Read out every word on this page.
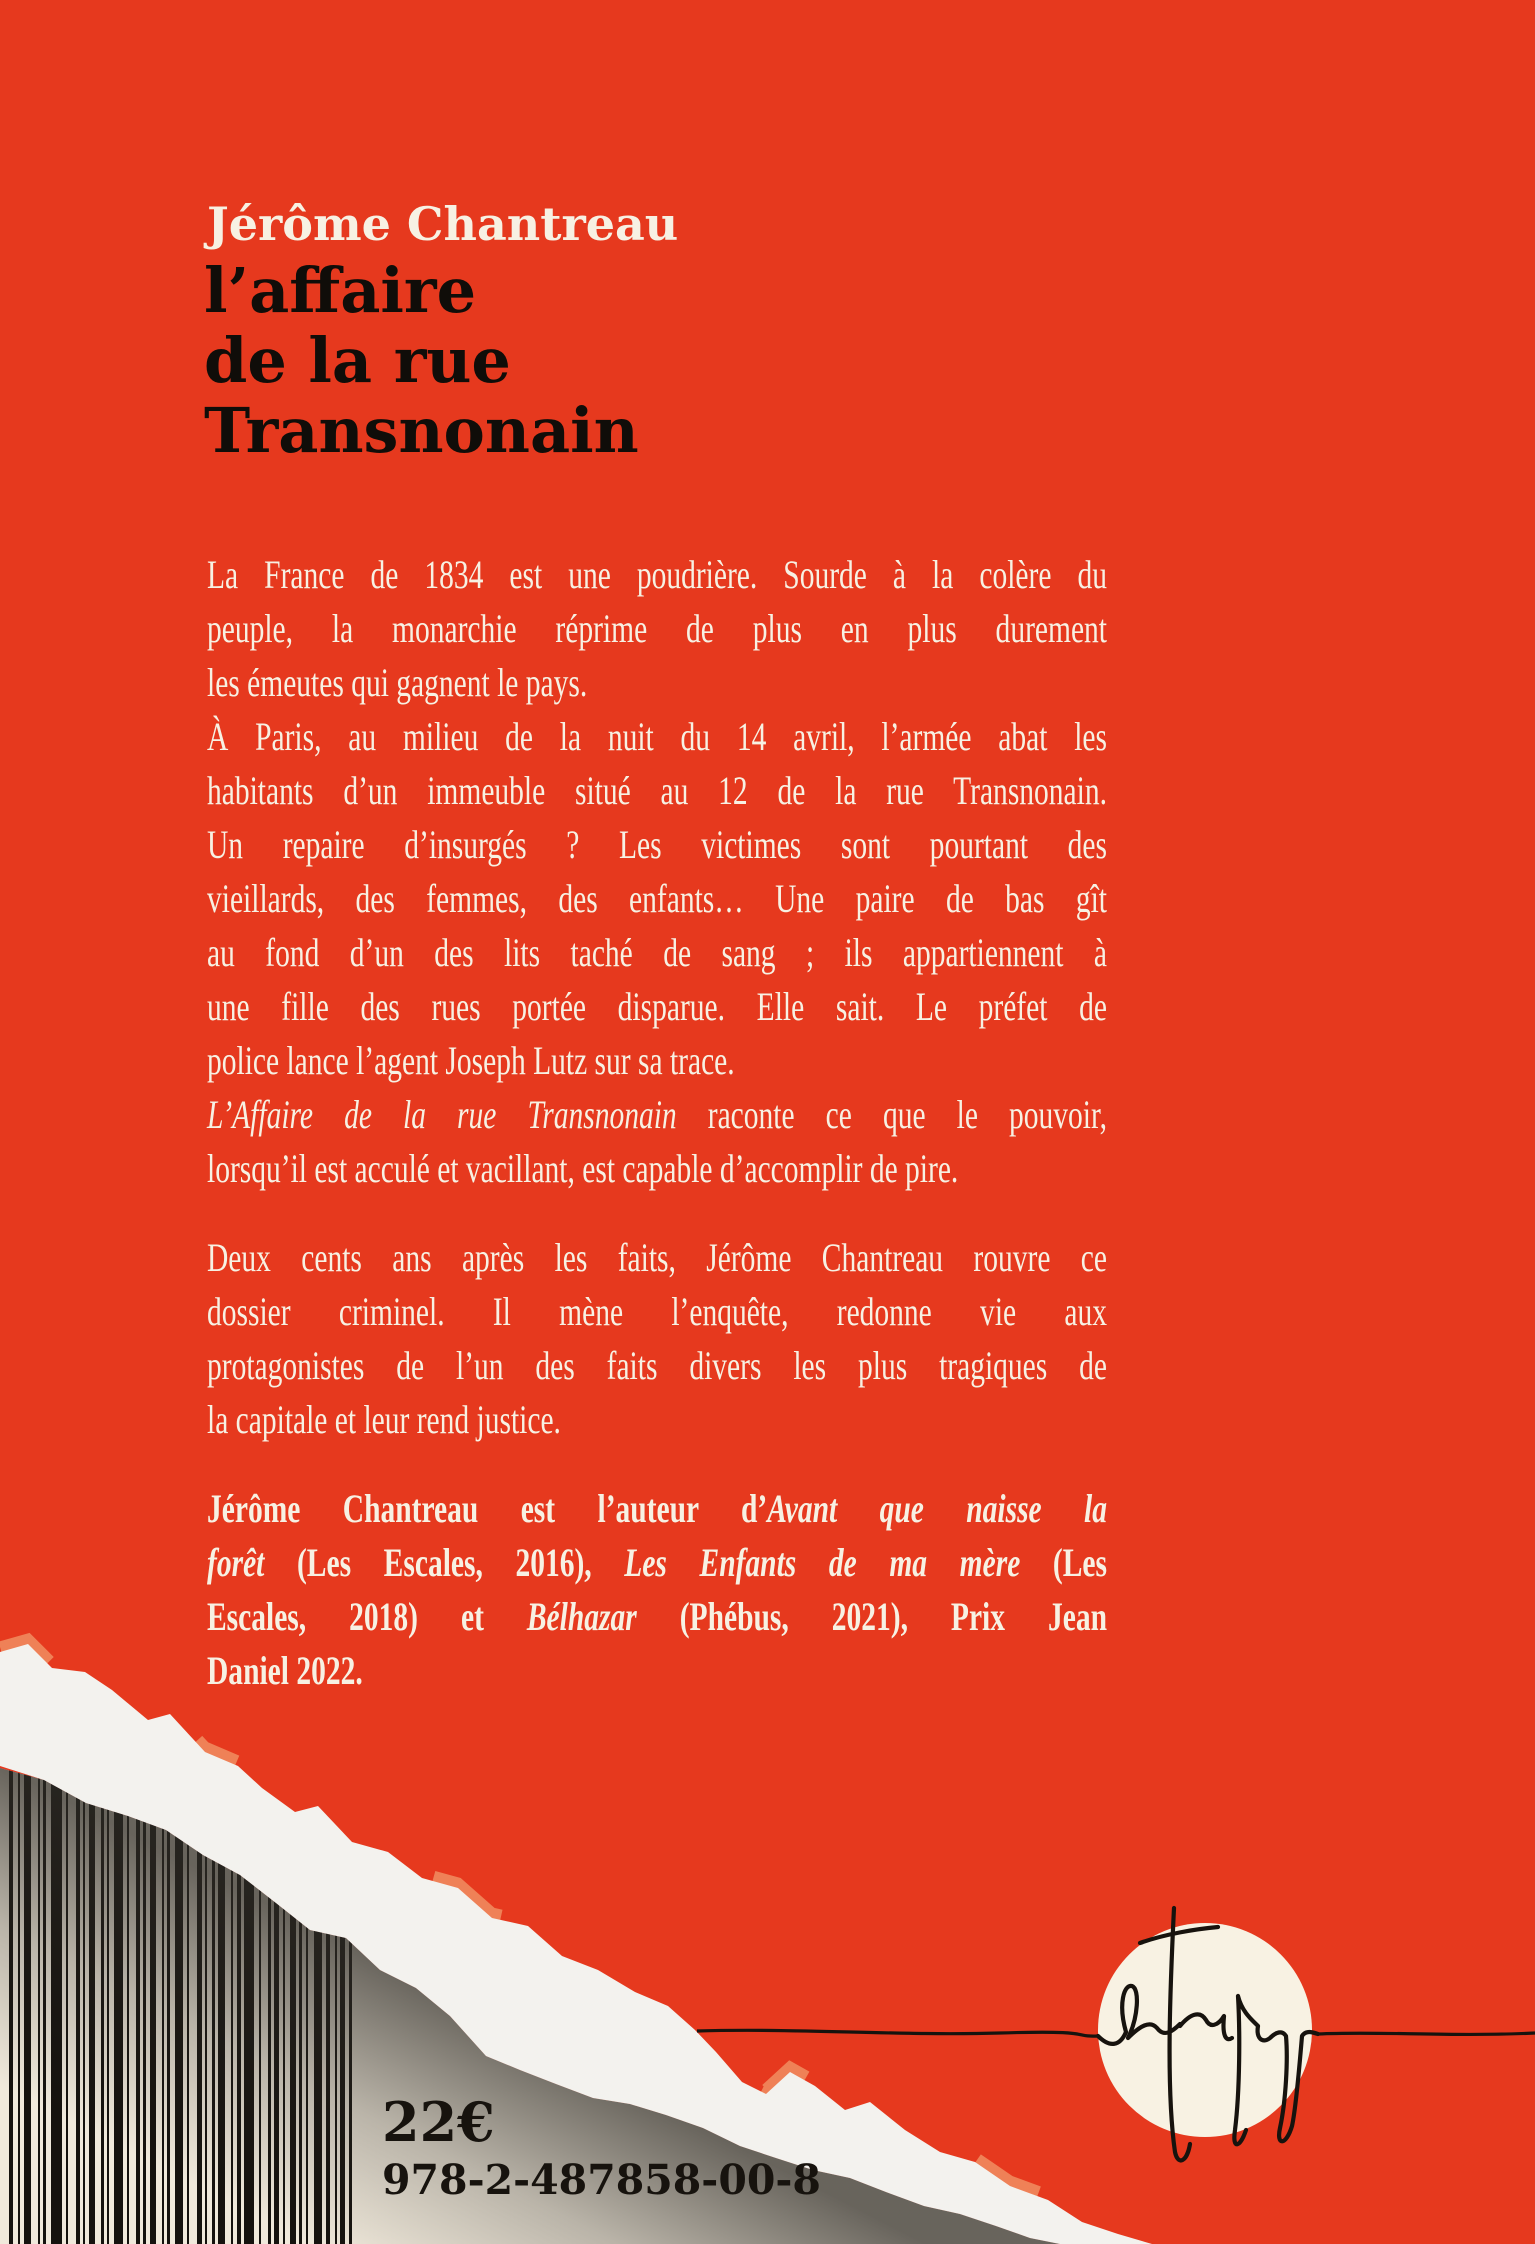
Jérôme Chantreau
l’affaire
de la rue
Transnonain
La France de 1834 est une poudrière. Sourde à la colère du
peuple, la monarchie réprime de plus en plus durement
les émeutes qui gagnent le pays.
À Paris, au milieu de la nuit du 14 avril, l’armée abat les
habitants d’un immeuble situé au 12 de la rue Transnonain.
Un repaire d’insurgés ? Les victimes sont pourtant des
vieillards, des femmes, des enfants… Une paire de bas gît
au fond d’un des lits taché de sang ; ils appartiennent à
une fille des rues portée disparue. Elle sait. Le préfet de
police lance l’agent Joseph Lutz sur sa trace.
L’Affaire de la rue Transnonain raconte ce que le pouvoir,
lorsqu’il est acculé et vacillant, est capable d’accomplir de pire.
Deux cents ans après les faits, Jérôme Chantreau rouvre ce
dossier criminel. Il mène l’enquête, redonne vie aux
protagonistes de l’un des faits divers les plus tragiques de
la capitale et leur rend justice.
Jérôme Chantreau est l’auteur d’Avant que naisse la
forêt (Les Escales, 2016), Les Enfants de ma mère (Les
Escales, 2018) et Bélhazar (Phébus, 2021), Prix Jean
Daniel 2022.
22€
978-2-487858-00-8
